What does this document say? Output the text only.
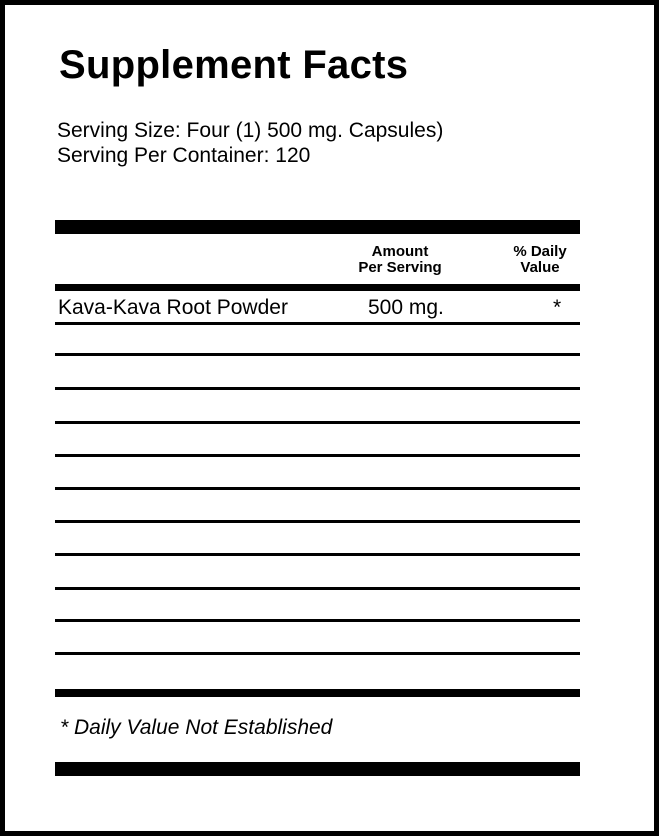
Supplement Facts
Serving Size: Four (1) 500 mg. Capsules)
Serving Per Container: 120
Amount
Per Serving
% Daily
Value
Kava-Kava Root Powder	500 mg.	*
* Daily Value Not Established
